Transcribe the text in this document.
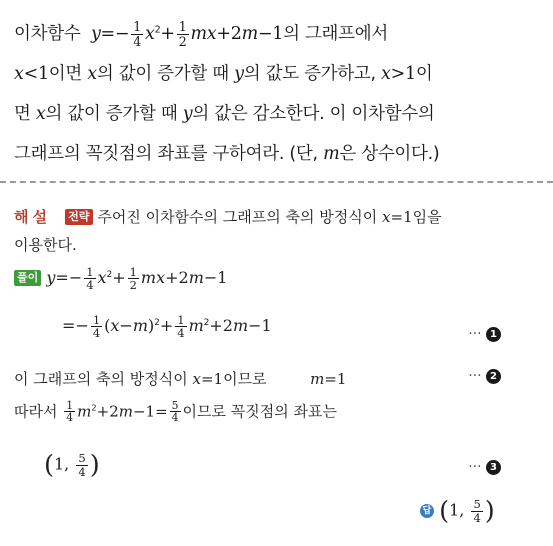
이차함수 $y=- \frac{1}{4} x^2+ \frac{1}{2} mx+2m-1$의 그래프에서
x<1이면 x의 값이 증가할 때 y의 값도 증가하고, x>1이
면 x의 값이 증가할 때 y의 값은 감소한다. 이 이차함수의
그래프의 꼭짓점의 좌표를 구하여라. (단, m은 상수이다.)
해설 전략 주어진 이차함수의 그래프의 축의 방정식이 x=1임을
이용한다.
풀이 $y=- \frac{1}{4} x^2+ \frac{1}{2} mx+2m-1$
=− $\frac{1}{4} (x-m)^2+ \frac{1}{4} m^2+2m-1$	··· 1
이 그래프의 축의 방정식이 x=1이므로	m=1	··· 2
따라서 $\frac{1}{4} m^2+2m-1= \frac{5}{4}$ 이므로 꼭짓점의 좌표는
(1, $\frac{5}{4}$ )	··· 3
답 (1, $\frac{5}{4}$ )
